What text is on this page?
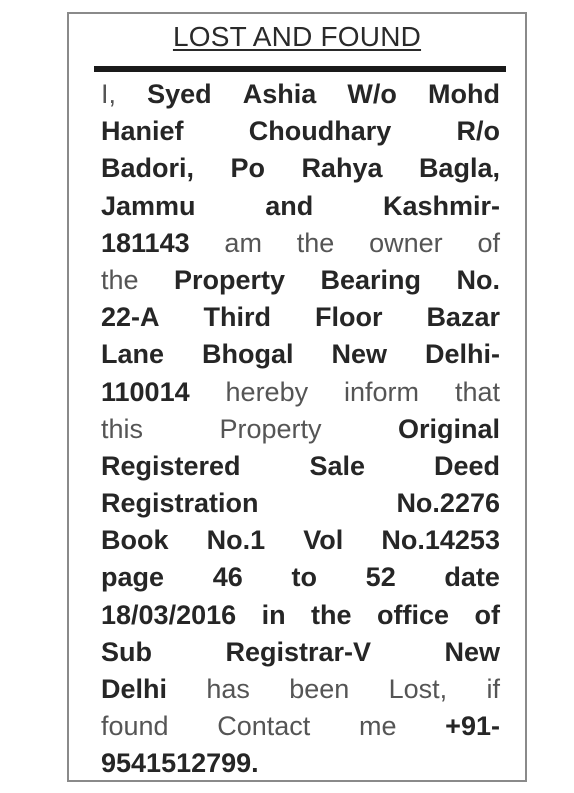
LOST AND FOUND
I, Syed Ashia W/o Mohd
Hanief Choudhary R/o
Badori, Po Rahya Bagla,
Jammu	and	Kashmir-
181143 am the owner of
the Property Bearing No.
22-A Third Floor Bazar
Lane Bhogal New Delhi-
110014 hereby inform that
this	Property	Original
Registered	Sale	Deed
Registration	No.2276
Book No.1 Vol No.14253
page 46 to 52 date
18/03/2016 in the office of
Sub	Registrar-V	New
Delhi has been Lost, if
found Contact me +91-
9541512799.
